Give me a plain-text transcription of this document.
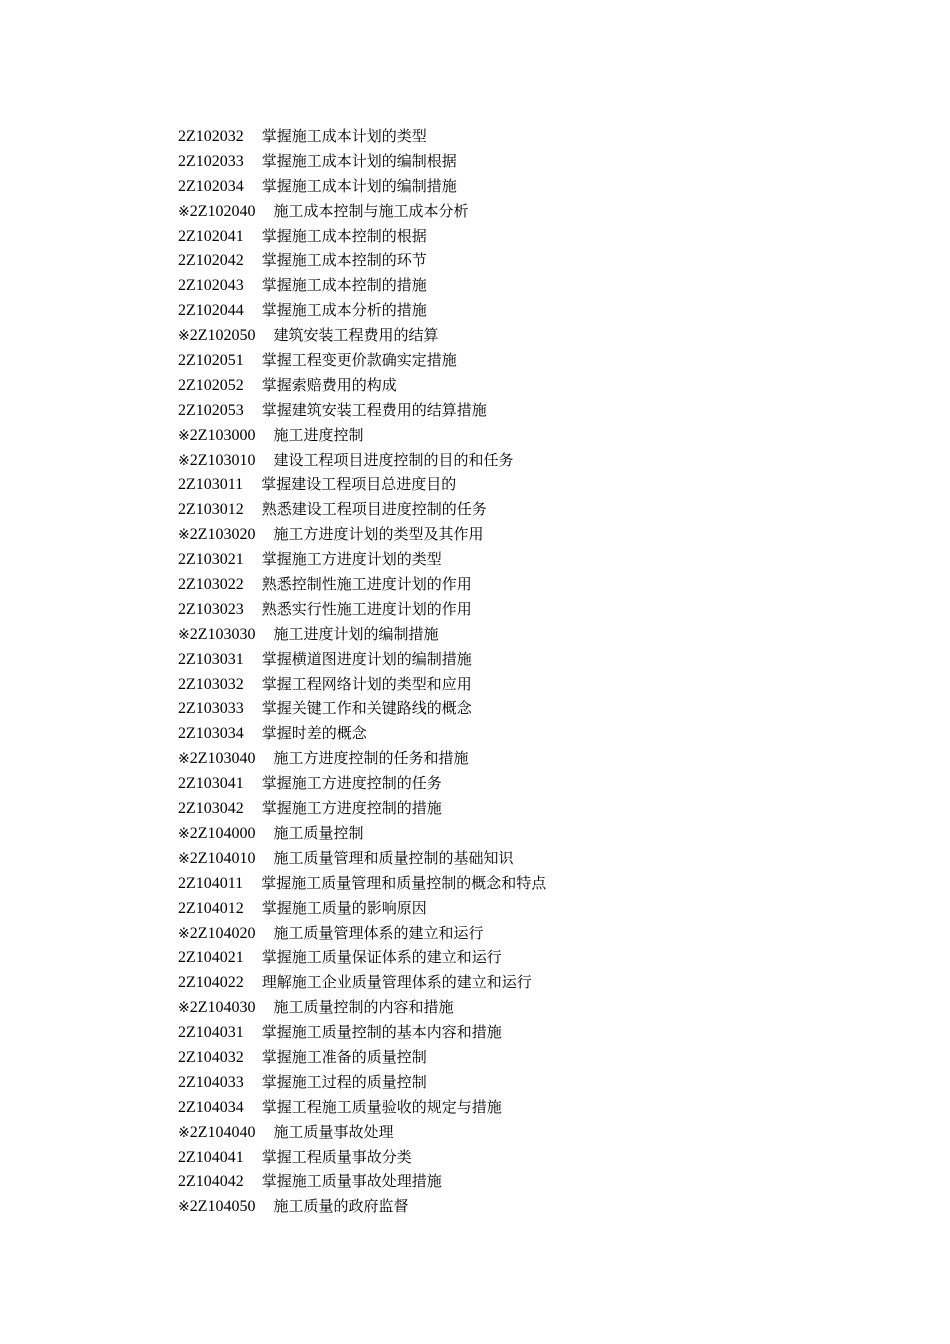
2Z102032 掌握施工成本计划的类型
2Z102033 掌握施工成本计划的编制根据
2Z102034 掌握施工成本计划的编制措施
※2Z102040 施工成本控制与施工成本分析
2Z102041 掌握施工成本控制的根据
2Z102042 掌握施工成本控制的环节
2Z102043 掌握施工成本控制的措施
2Z102044 掌握施工成本分析的措施
※2Z102050 建筑安装工程费用的结算
2Z102051 掌握工程变更价款确实定措施
2Z102052 掌握索赔费用的构成
2Z102053 掌握建筑安装工程费用的结算措施
※2Z103000 施工进度控制
※2Z103010 建设工程项目进度控制的目的和任务
2Z103011 掌握建设工程项目总进度目的
2Z103012 熟悉建设工程项目进度控制的任务
※2Z103020 施工方进度计划的类型及其作用
2Z103021 掌握施工方进度计划的类型
2Z103022 熟悉控制性施工进度计划的作用
2Z103023 熟悉实行性施工进度计划的作用
※2Z103030 施工进度计划的编制措施
2Z103031 掌握横道图进度计划的编制措施
2Z103032 掌握工程网络计划的类型和应用
2Z103033 掌握关键工作和关键路线的概念
2Z103034 掌握时差的概念
※2Z103040 施工方进度控制的任务和措施
2Z103041 掌握施工方进度控制的任务
2Z103042 掌握施工方进度控制的措施
※2Z104000 施工质量控制
※2Z104010 施工质量管理和质量控制的基础知识
2Z104011 掌握施工质量管理和质量控制的概念和特点
2Z104012 掌握施工质量的影响原因
※2Z104020 施工质量管理体系的建立和运行
2Z104021 掌握施工质量保证体系的建立和运行
2Z104022 理解施工企业质量管理体系的建立和运行
※2Z104030 施工质量控制的内容和措施
2Z104031 掌握施工质量控制的基本内容和措施
2Z104032 掌握施工准备的质量控制
2Z104033 掌握施工过程的质量控制
2Z104034 掌握工程施工质量验收的规定与措施
※2Z104040 施工质量事故处理
2Z104041 掌握工程质量事故分类
2Z104042 掌握施工质量事故处理措施
※2Z104050 施工质量的政府监督
